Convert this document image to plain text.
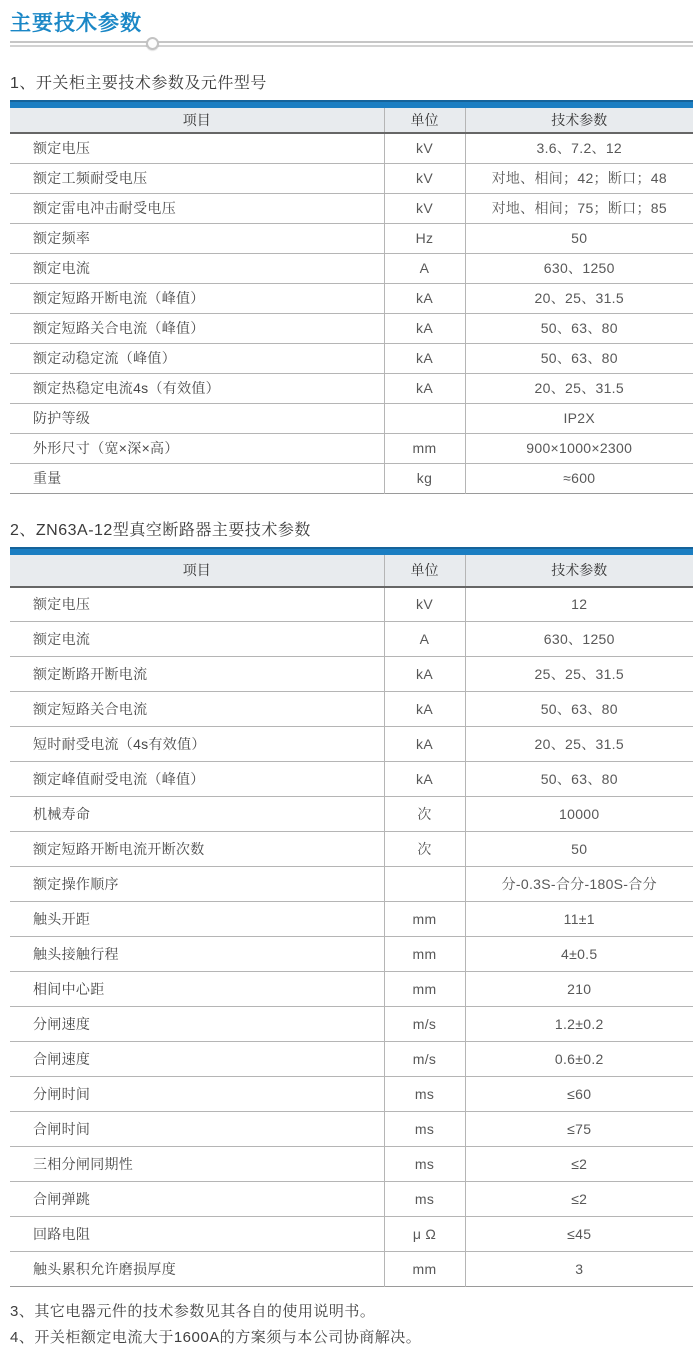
主要技术参数
1、开关柜主要技术参数及元件型号
项目	单位	技术参数
额定电压	kV	3.6、7.2、12
额定工频耐受电压	kV	对地、相间；42；断口；48
额定雷电冲击耐受电压	kV	对地、相间；75；断口；85
额定频率	Hz	50
额定电流	A	630、1250
额定短路开断电流（峰值）	kA	20、25、31.5
额定短路关合电流（峰值）	kA	50、63、80
额定动稳定流（峰值）	kA	50、63、80
额定热稳定电流4s（有效值）	kA	20、25、31.5
防护等级		IP2X
外形尺寸（宽×深×高）	mm	900×1000×2300
重量	kg	≈600
2、ZN63A-12型真空断路器主要技术参数
项目	单位	技术参数
额定电压	kV	12
额定电流	A	630、1250
额定断路开断电流	kA	25、25、31.5
额定短路关合电流	kA	50、63、80
短时耐受电流（4s有效值）	kA	20、25、31.5
额定峰值耐受电流（峰值）	kA	50、63、80
机械寿命	次	10000
额定短路开断电流开断次数	次	50
额定操作顺序		分-0.3S-合分-180S-合分
触头开距	mm	11±1
触头接触行程	mm	4±0.5
相间中心距	mm	210
分闸速度	m/s	1.2±0.2
合闸速度	m/s	0.6±0.2
分闸时间	ms	≤60
合闸时间	ms	≤75
三相分闸同期性	ms	≤2
合闸弹跳	ms	≤2
回路电阻	μ Ω	≤45
触头累积允许磨损厚度	mm	3

3、其它电器元件的技术参数见其各自的使用说明书。

4、开关柜额定电流大于1600A的方案须与本公司协商解决。
